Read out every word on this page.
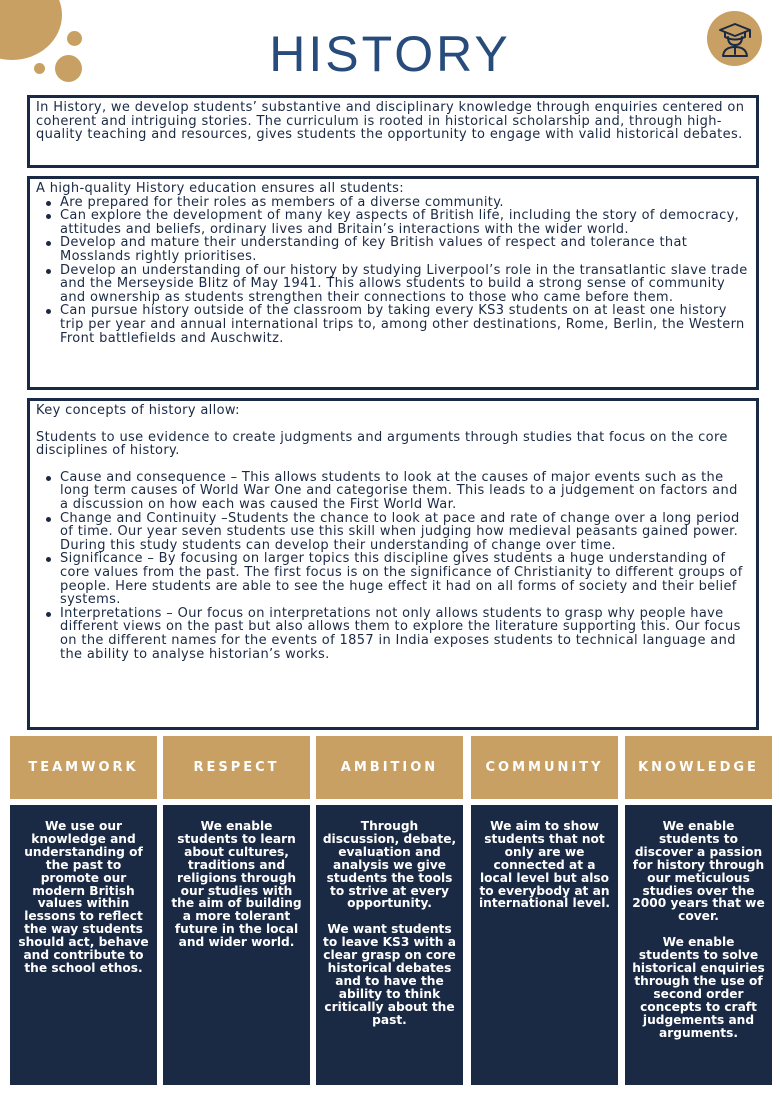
HISTORY

In History, we develop students’ substantive and disciplinary knowledge through enquiries centered on coherent and intriguing stories. The curriculum is rooted in historical scholarship and, through high-quality teaching and resources, gives students the opportunity to engage with valid historical debates.

A high-quality History education ensures all students:

Are prepared for their roles as members of a diverse community.
Can explore the development of many key aspects of British life, including the story of democracy, attitudes and beliefs, ordinary lives and Britain’s interactions with the wider world.
Develop and mature their understanding of key British values of respect and tolerance that Mosslands rightly prioritises.
Develop an understanding of our history by studying Liverpool’s role in the transatlantic slave trade and the Merseyside Blitz of May 1941. This allows students to build a strong sense of community and ownership as students strengthen their connections to those who came before them.
Can pursue history outside of the classroom by taking every KS3 students on at least one history trip per year and annual international trips to, among other destinations, Rome, Berlin, the Western Front battlefields and Auschwitz.

Key concepts of history allow:

Students to use evidence to create judgments and arguments through studies that focus on the core disciplines of history.

Cause and consequence – This allows students to look at the causes of major events such as the long term causes of World War One and categorise them. This leads to a judgement on factors and a discussion on how each was caused the First World War.
Change and Continuity –Students the chance to look at pace and rate of change over a long period of time. Our year seven students use this skill when judging how medieval peasants gained power. During this study students can develop their understanding of change over time.
Significance – By focusing on larger topics this discipline gives students a huge understanding of core values from the past. The first focus is on the significance of Christianity to different groups of people. Here students are able to see the huge effect it had on all forms of society and their belief systems.
Interpretations – Our focus on interpretations not only allows students to grasp why people have different views on the past but also allows them to explore the literature supporting this. Our focus on the different names for the events of 1857 in India exposes students to technical language and the ability to analyse historian’s works.
TEAMWORK

We use our knowledge and understanding of the past to promote our modern British values within lessons to reflect the way students should act, behave and contribute to the school ethos.

RESPECT

We enable students to learn about cultures, traditions and religions through our studies with the aim of building a more tolerant future in the local and wider world.

AMBITION

Through discussion, debate, evaluation and analysis we give students the tools to strive at every opportunity.

We want students to leave KS3 with a clear grasp on core historical debates and to have the ability to think critically about the past.

COMMUNITY

We aim to show students that not only are we connected at a local level but also to everybody at an international level.

KNOWLEDGE

We enable students to discover a passion for history through our meticulous studies over the 2000 years that we cover.

We enable students to solve historical enquiries through the use of second order concepts to craft judgements and arguments.
